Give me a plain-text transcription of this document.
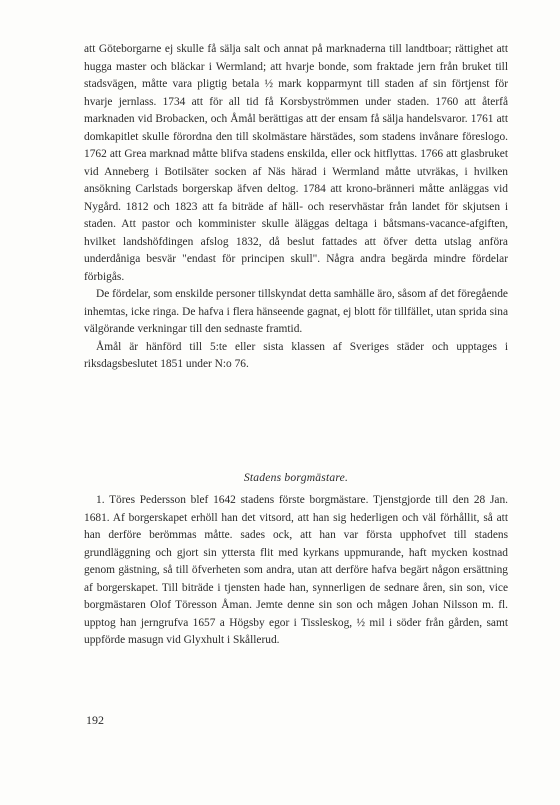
att Göteborgarne ej skulle få sälja salt och annat på marknaderna till landtboar; rättighet att hugga master och bläckar i Wermland; att hvarje bonde, som fraktade jern från bruket till stadsvägen, måtte vara pligtig betala ½ mark kopparmynt till staden af sin förtjenst för hvarje jernlass. 1734 att för all tid få Korsbyströmmen under staden. 1760 att återfå marknaden vid Brobacken, och Åmål berättigas att der ensam få sälja handelsvaror. 1761 att domkapitlet skulle förordna den till skolmästare härstädes, som stadens invånare föreslogo. 1762 att Grea marknad måtte blifva stadens enskilda, eller ock hitflyttas. 1766 att glasbruket vid Anneberg i Botilsäter socken af Näs härad i Wermland måtte utvräkas, i hvilken ansökning Carlstads borgerskap äfven deltog. 1784 att krono-bränneri måtte anläggas vid Nygård. 1812 och 1823 att fa biträde af häll- och reservhästar från landet för skjutsen i staden. Att pastor och komminister skulle äläggas deltaga i båtsmans-vacance-afgiften, hvilket landshöfdingen afslog 1832, då beslut fattades att öfver detta utslag anföra underdåniga besvär "endast för principen skull". Några andra begärda mindre fördelar förbigås.

De fördelar, som enskilde personer tillskyndat detta samhälle äro, såsom af det föregående inhemtas, icke ringa. De hafva i flera hänseende gagnat, ej blott för tillfället, utan sprida sina välgörande verkningar till den sednaste framtid.

Åmål är hänförd till 5:te eller sista klassen af Sveriges städer och upptages i riksdagsbeslutet 1851 under N:o 76.

Stadens borgmästare.

1. Töres Pedersson blef 1642 stadens förste borgmästare. Tjenstgjorde till den 28 Jan. 1681. Af borgerskapet erhöll han det vitsord, att han sig hederligen och väl förhållit, så att han derföre berömmas måtte. sades ock, att han var första upphofvet till stadens grundläggning och gjort sin yttersta flit med kyrkans uppmurande, haft mycken kostnad genom gästning, så till öfverheten som andra, utan att derföre hafva begärt någon ersättning af borgerskapet. Till biträde i tjensten hade han, synnerligen de sednare åren, sin son, vice borgmästaren Olof Töresson Åman. Jemte denne sin son och mågen Johan Nilsson m. fl. upptog han jerngrufva 1657 a Högsby egor i Tissleskog, ½ mil i söder från gården, samt uppförde masugn vid Glyxhult i Skållerud.

192
